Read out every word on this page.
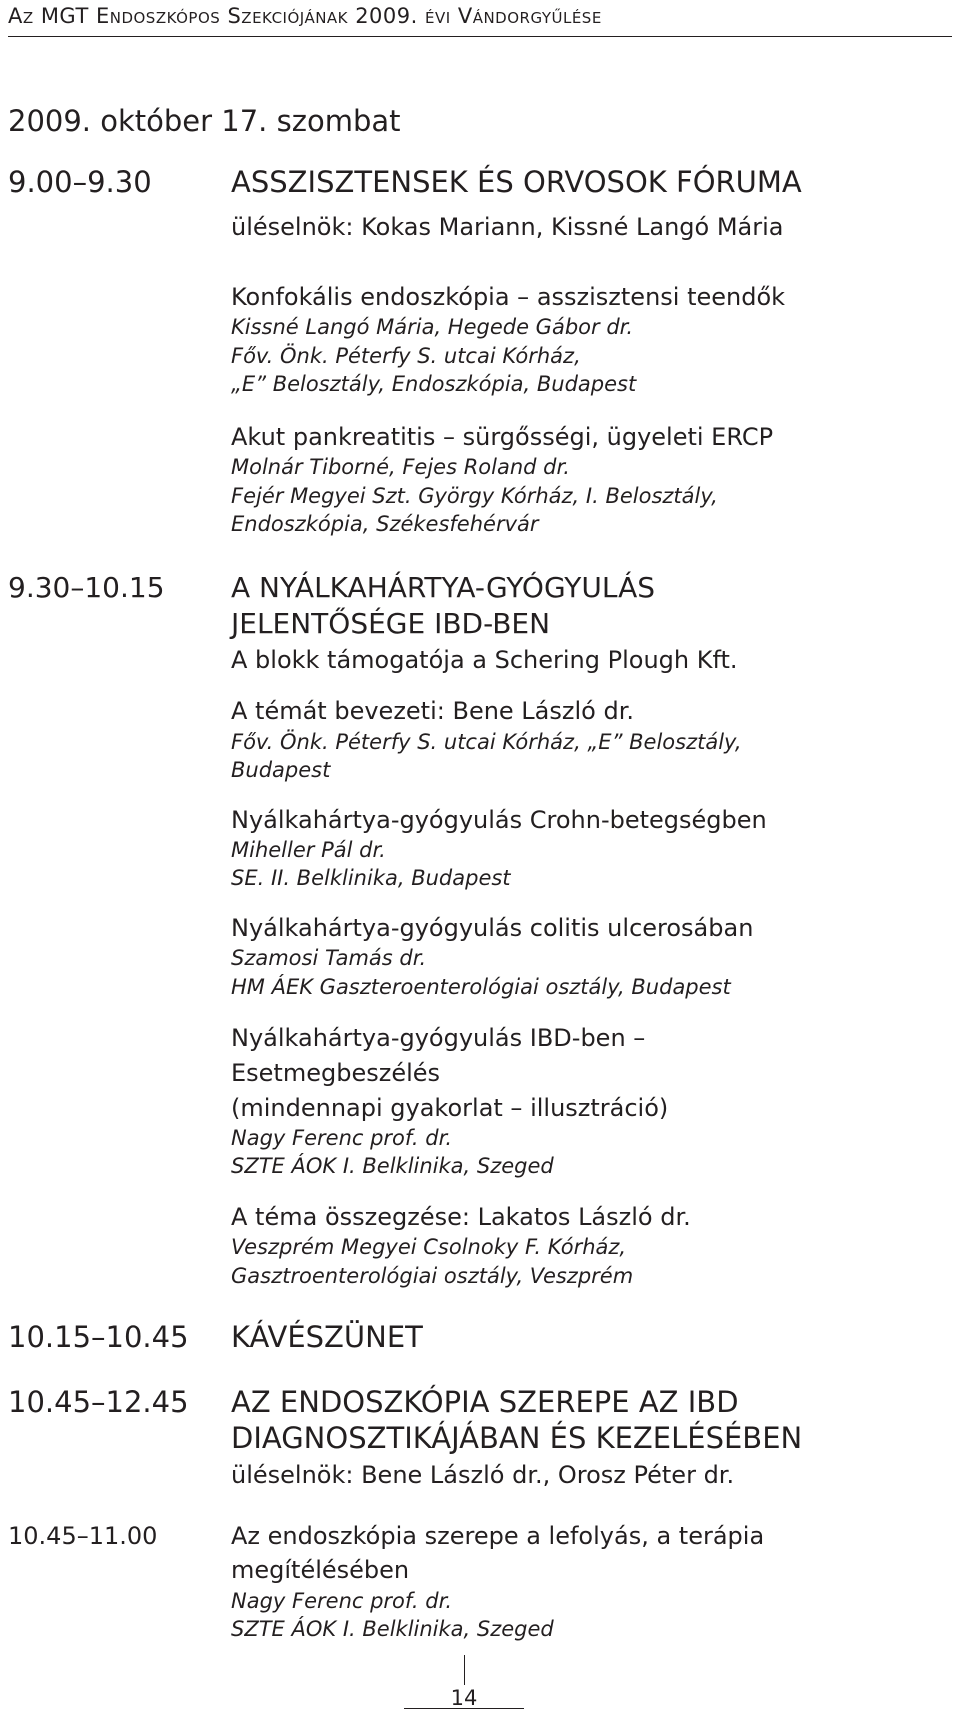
Az MGT Endoszkópos Szekciójának 2009. évi Vándorgyűlése
2009. október 17. szombat
9.00–9.30	ASSZISZTENSEK ÉS ORVOSOK FÓRUMA
üléselnök: Kokas Mariann, Kissné Langó Mária
Konfokális endoszkópia – asszisztensi teendők
Kissné Langó Mária, Hegede Gábor dr.
Főv. Önk. Péterfy S. utcai Kórház,
„E” Belosztály, Endoszkópia, Budapest
Akut pankreatitis – sürgősségi, ügyeleti ERCP
Molnár Tiborné, Fejes Roland dr.
Fejér Megyei Szt. György Kórház, I. Belosztály,
Endoszkópia, Székesfehérvár
9.30–10.15 A NYÁLKAHÁRTYA-GYÓGYULÁS
JELENTŐSÉGE IBD-BEN
A blokk támogatója a Schering Plough Kft.
A témát bevezeti: Bene László dr.
Főv. Önk. Péterfy S. utcai Kórház, „E” Belosztály,
Budapest
Nyálkahártya-gyógyulás Crohn-betegségben
Miheller Pál dr.
SE. II. Belklinika, Budapest
Nyálkahártya-gyógyulás colitis ulcerosában
Szamosi Tamás dr.
HM ÁEK Gaszteroenterológiai osztály, Budapest
Nyálkahártya-gyógyulás IBD-ben –
Esetmegbeszélés
(mindennapi gyakorlat – illusztráció)
Nagy Ferenc prof. dr.
SZTE ÁOK I. Belklinika, Szeged
A téma összegzése: Lakatos László dr.
Veszprém Megyei Csolnoky F. Kórház,
Gasztroenterológiai osztály, Veszprém
10.15–10.45 KÁVÉSZÜNET
10.45–12.45 AZ ENDOSZKÓPIA SZEREPE AZ IBD
DIAGNOSZTIKÁJÁBAN ÉS KEZELÉSÉBEN
üléselnök: Bene László dr., Orosz Péter dr.
10.45–11.00	Az endoszkópia szerepe a lefolyás, a terápia
megítélésében
Nagy Ferenc prof. dr.
SZTE ÁOK I. Belklinika, Szeged
14
